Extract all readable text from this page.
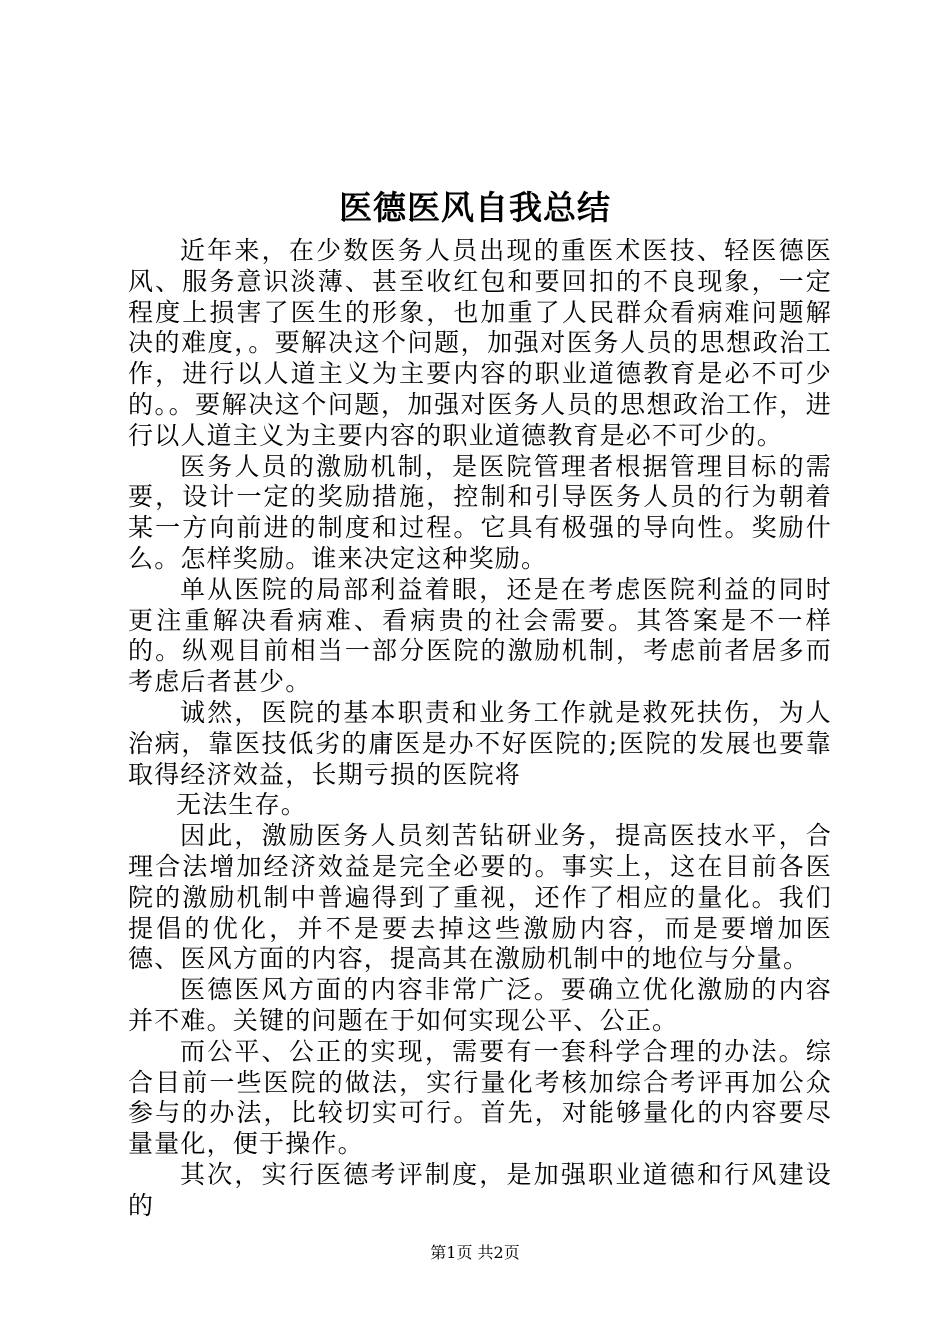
医德医风自我总结

近年来，在少数医务人员出现的重医术医技、轻医德医风、服务意识淡薄、甚至收红包和要回扣的不良现象，一定程度上损害了医生的形象，也加重了人民群众看病难问题解决的难度，。要解决这个问题，加强对医务人员的思想政治工作，进行以人道主义为主要内容的职业道德教育是必不可少的。。要解决这个问题，加强对医务人员的思想政治工作，进行以人道主义为主要内容的职业道德教育是必不可少的。

医务人员的激励机制，是医院管理者根据管理目标的需要，设计一定的奖励措施，控制和引导医务人员的行为朝着某一方向前进的制度和过程。它具有极强的导向性。奖励什么。怎样奖励。谁来决定这种奖励。

单从医院的局部利益着眼，还是在考虑医院利益的同时更注重解决看病难、看病贵的社会需要。其答案是不一样的。纵观目前相当一部分医院的激励机制，考虑前者居多而考虑后者甚少。

诚然，医院的基本职责和业务工作就是救死扶伤，为人治病，靠医技低劣的庸医是办不好医院的;医院的发展也要靠取得经济效益，长期亏损的医院将

无法生存。

因此，激励医务人员刻苦钻研业务，提高医技水平，合理合法增加经济效益是完全必要的。事实上，这在目前各医院的激励机制中普遍得到了重视，还作了相应的量化。我们提倡的优化，并不是要去掉这些激励内容，而是要增加医德、医风方面的内容，提高其在激励机制中的地位与分量。

医德医风方面的内容非常广泛。要确立优化激励的内容并不难。关键的问题在于如何实现公平、公正。

而公平、公正的实现，需要有一套科学合理的办法。综合目前一些医院的做法，实行量化考核加综合考评再加公众参与的办法，比较切实可行。首先，对能够量化的内容要尽量量化，便于操作。

其次，实行医德考评制度，是加强职业道德和行风建设的

第1页 共2页
